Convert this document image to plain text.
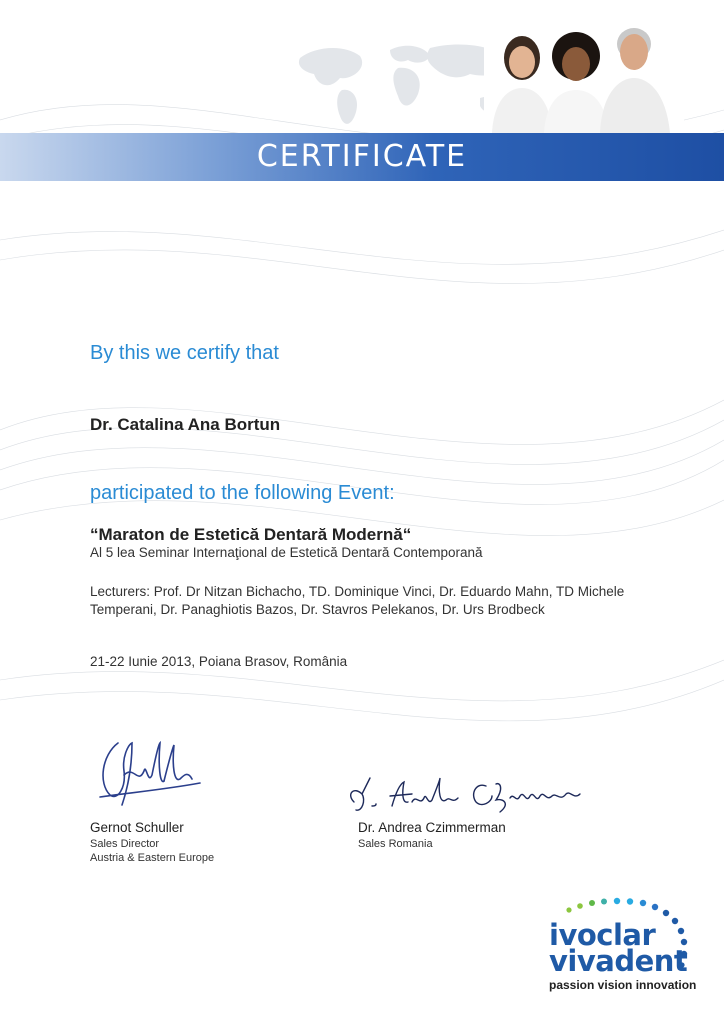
CERTIFICATE
By this we certify that
Dr. Catalina Ana Bortun
participated to the following Event:
“Maraton de Estetică Dentară Modernă“
Al 5 lea Seminar Internaţional de Estetică Dentară Contemporană
Lecturers: Prof. Dr Nitzan Bichacho, TD. Dominique Vinci, Dr. Eduardo Mahn, TD Michele Temperani, Dr. Panaghiotis Bazos, Dr. Stavros Pelekanos, Dr. Urs Brodbeck
21-22 Iunie 2013, Poiana Brasov, România
Gernot Schuller
Sales Director
Austria & Eastern Europe
Dr. Andrea Czimmerman
Sales Romania
ivoclar
vivadent
passion vision innovation
